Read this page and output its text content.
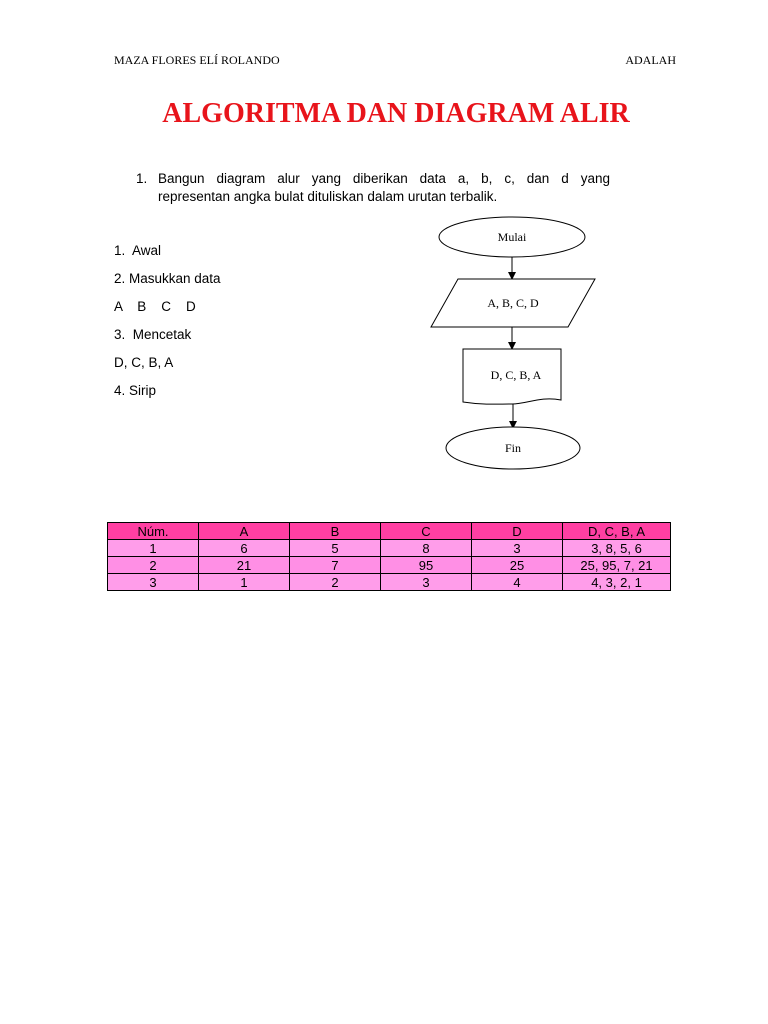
MAZA FLORES ELÍ ROLANDO	ADALAH
ALGORITMA DAN DIAGRAM ALIR
1. Bangun diagram alur yang diberikan data a, b, c, dan d yang
representan angka bulat dituliskan dalam urutan terbalik.
1.  Awal
2. Masukkan data
A    B    C    D
3.  Mencetak
D, C, B, A
4. Sirip
Mulai
A, B, C, D
D, C, B, A
Fin
Núm.	A	B	C	D	D, C, B, A
1	6	5	8	3	3, 8, 5, 6
2	21	7	95	25	25, 95, 7, 21
3	1	2	3	4	4, 3, 2, 1
